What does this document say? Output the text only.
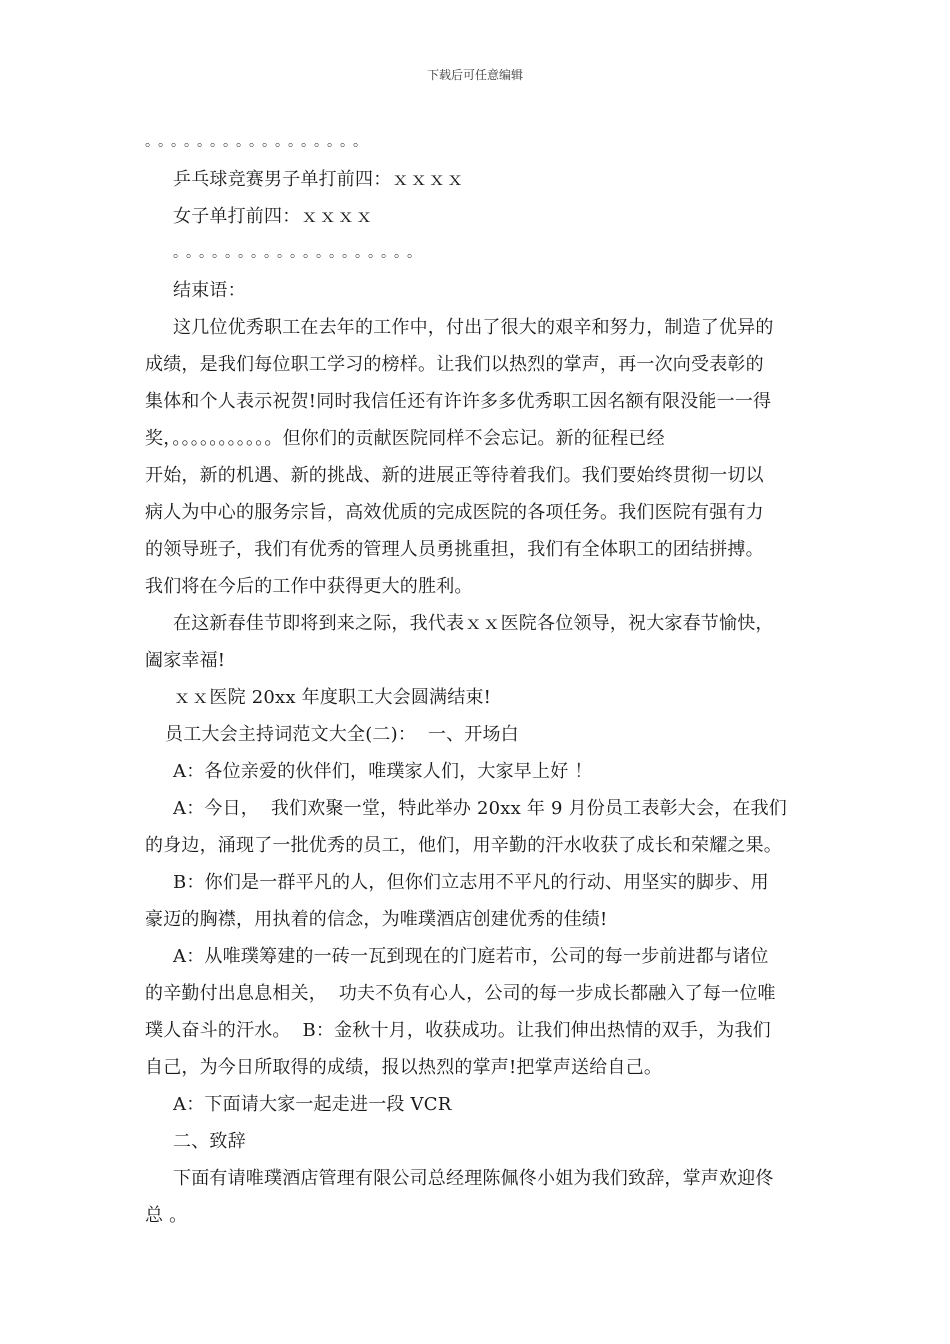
下载后可任意编辑
。。。。。。。。。。。。。。。。。
乒乓球竞赛男子单打前四：ｘｘｘｘ
女子单打前四：ｘｘｘｘ
。。。。。。。。。。。。。。。。。。。
结束语：
这几位优秀职工在去年的工作中，付出了很大的艰辛和努力，制造了优异的
成绩，是我们每位职工学习的榜样。让我们以热烈的掌声，再一次向受表彰的
集体和个人表示祝贺!同时我信任还有许许多多优秀职工因名额有限没能一一得
奖，。。。。。。。。。。。但你们的贡献医院同样不会忘记。新的征程已经
开始，新的机遇、新的挑战、新的进展正等待着我们。我们要始终贯彻一切以
病人为中心的服务宗旨，高效优质的完成医院的各项任务。我们医院有强有力
的领导班子，我们有优秀的管理人员勇挑重担，我们有全体职工的团结拼搏。
我们将在今后的工作中获得更大的胜利。
在这新春佳节即将到来之际，我代表ｘｘ医院各位领导，祝大家春节愉快，
阖家幸福!
ｘｘ医院 20xx 年度职工大会圆满结束!
员工大会主持词范文大全(二)：  一、开场白
A：各位亲爱的伙伴们，唯璞家人们，大家早上好 ！
A：今日，  我们欢聚一堂，特此举办 20xx 年 9 月份员工表彰大会，在我们
的身边，涌现了一批优秀的员工，他们，用辛勤的汗水收获了成长和荣耀之果。
B：你们是一群平凡的人，但你们立志用不平凡的行动、用坚实的脚步、用
豪迈的胸襟，用执着的信念，为唯璞酒店创建优秀的佳绩!
A：从唯璞筹建的一砖一瓦到现在的门庭若市，公司的每一步前进都与诸位
的辛勤付出息息相关，  功夫不负有心人，公司的每一步成长都融入了每一位唯
璞人奋斗的汗水。  B：金秋十月，收获成功。让我们伸出热情的双手，为我们
自己，为今日所取得的成绩，报以热烈的掌声!把掌声送给自己。
A：下面请大家一起走进一段 VCR
二、致辞
下面有请唯璞酒店管理有限公司总经理陈佩佟小姐为我们致辞，掌声欢迎佟
总 。
